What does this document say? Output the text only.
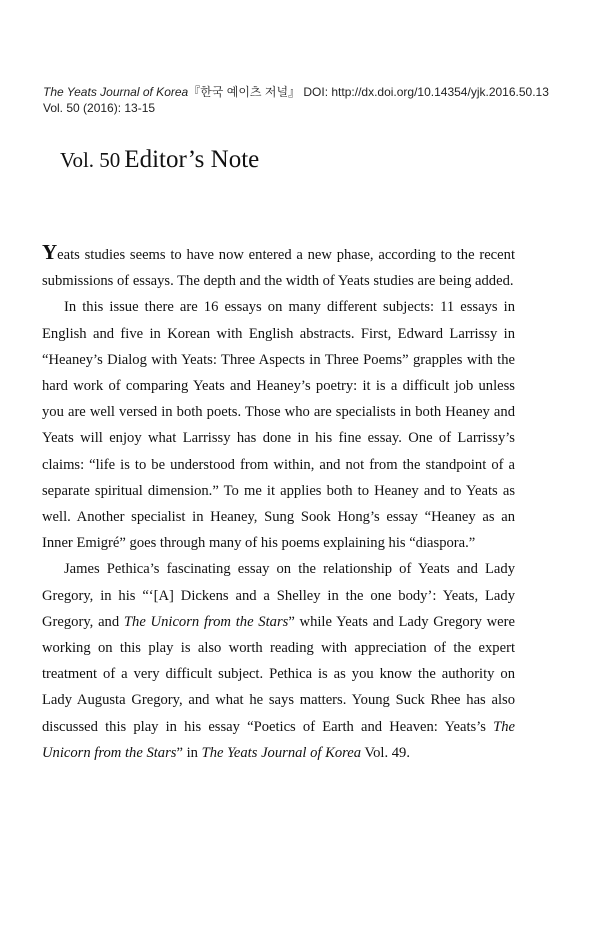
The Yeats Journal of Korea『한국 예이츠 저널』 DOI: http://dx.doi.org/10.14354/yjk.2016.50.13
Vol. 50 (2016): 13-15
Vol. 50 Editor’s Note

Yeats studies seems to have now entered a new phase, according to the recent submissions of essays. The depth and the width of Yeats studies are being added.

In this issue there are 16 essays on many different subjects: 11 essays in English and five in Korean with English abstracts. First, Edward Larrissy in “Heaney’s Dialog with Yeats: Three Aspects in Three Poems” grapples with the hard work of comparing Yeats and Heaney’s poetry: it is a difficult job unless you are well versed in both poets. Those who are specialists in both Heaney and Yeats will enjoy what Larrissy has done in his fine essay. One of Larrissy’s claims: “life is to be understood from within, and not from the standpoint of a separate spiritual dimension.” To me it applies both to Heaney and to Yeats as well. Another specialist in Heaney, Sung Sook Hong’s essay “Heaney as an Inner Emigré” goes through many of his poems explaining his “diaspora.”

James Pethica’s fascinating essay on the relationship of Yeats and Lady Gregory, in his “‘[A] Dickens and a Shelley in the one body’: Yeats, Lady Gregory, and The Unicorn from the Stars” while Yeats and Lady Gregory were working on this play is also worth reading with appreciation of the expert treatment of a very difficult subject. Pethica is as you know the authority on Lady Augusta Gregory, and what he says matters. Young Suck Rhee has also discussed this play in his essay “Poetics of Earth and Heaven: Yeats’s The Unicorn from the Stars” in The Yeats Journal of Korea Vol. 49.
